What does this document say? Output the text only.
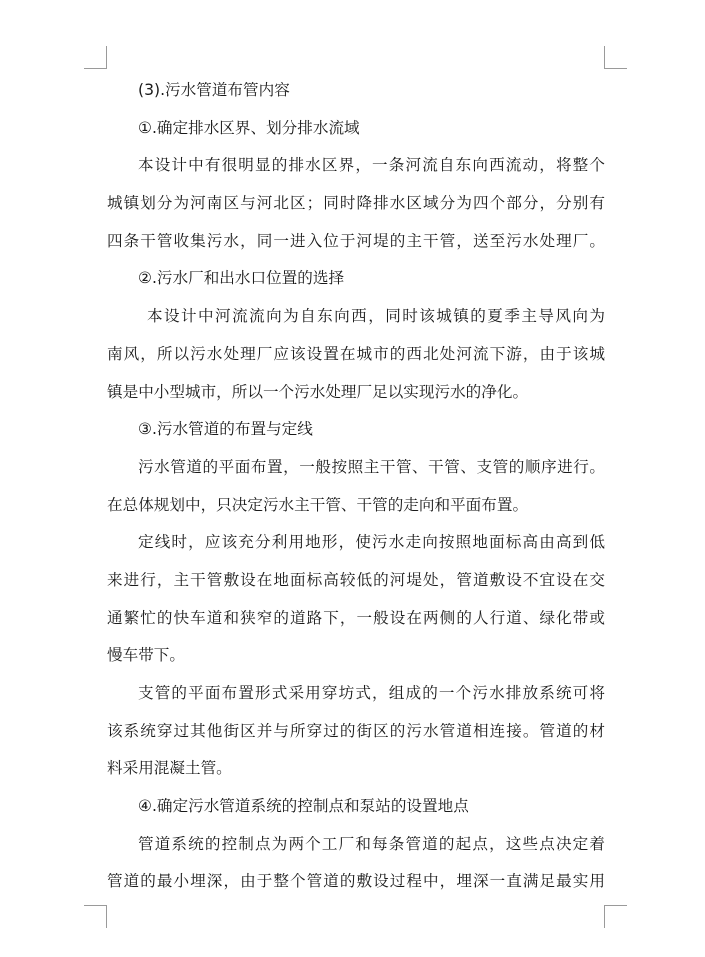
(3).污水管道布管内容
①.确定排水区界、划分排水流域
本设计中有很明显的排水区界，一条河流自东向西流动，将整个
城镇划分为河南区与河北区；同时降排水区域分为四个部分，分别有
四条干管收集污水，同一进入位于河堤的主干管，送至污水处理厂。
②.污水厂和出水口位置的选择
本设计中河流流向为自东向西，同时该城镇的夏季主导风向为
南风，所以污水处理厂应该设置在城市的西北处河流下游，由于该城
镇是中小型城市，所以一个污水处理厂足以实现污水的净化。
③.污水管道的布置与定线
污水管道的平面布置，一般按照主干管、干管、支管的顺序进行。
在总体规划中，只决定污水主干管、干管的走向和平面布置。
定线时，应该充分利用地形，使污水走向按照地面标高由高到低
来进行，主干管敷设在地面标高较低的河堤处，管道敷设不宜设在交
通繁忙的快车道和狭窄的道路下，一般设在两侧的人行道、绿化带或
慢车带下。
支管的平面布置形式采用穿坊式，组成的一个污水排放系统可将
该系统穿过其他街区并与所穿过的街区的污水管道相连接。管道的材
料采用混凝土管。
④.确定污水管道系统的控制点和泵站的设置地点
管道系统的控制点为两个工厂和每条管道的起点，这些点决定着
管道的最小埋深，由于整个管道的敷设过程中，埋深一直满足最实用
